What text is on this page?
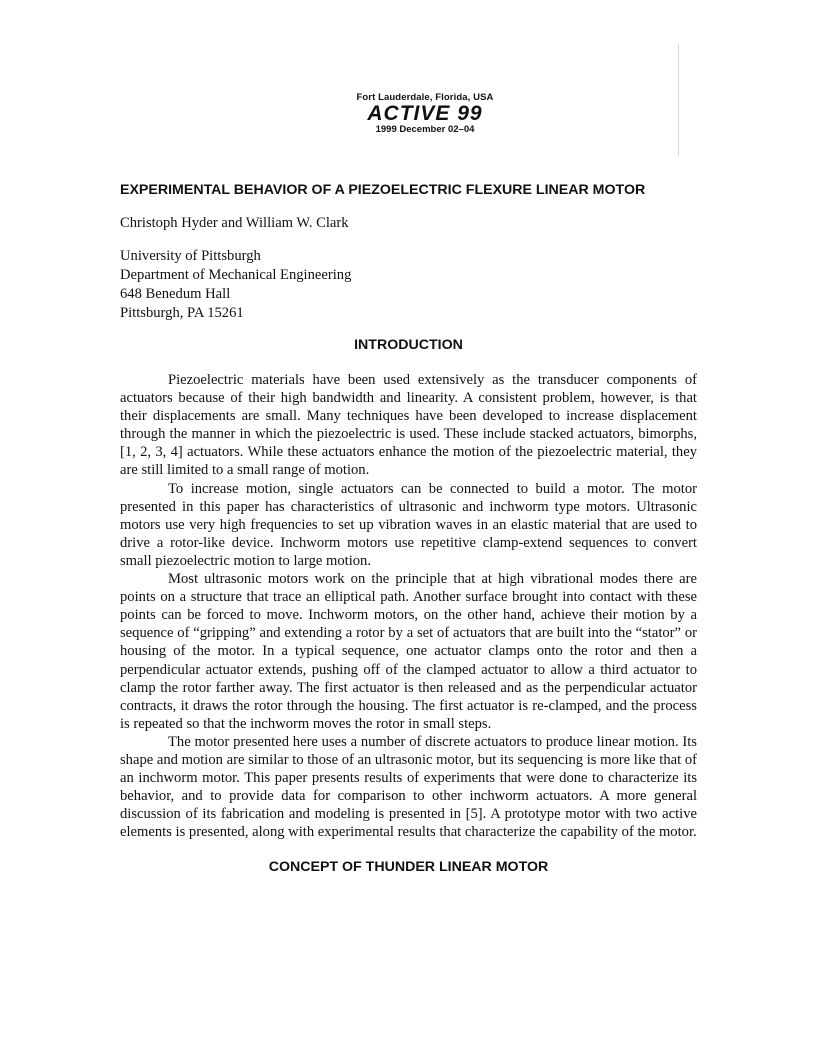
Fort Lauderdale, Florida, USA
ACTIVE 99
1999 December 02–04
EXPERIMENTAL BEHAVIOR OF A PIEZOELECTRIC FLEXURE LINEAR MOTOR
Christoph Hyder and William W. Clark
University of Pittsburgh
Department of Mechanical Engineering
648 Benedum Hall
Pittsburgh, PA 15261
INTRODUCTION

Piezoelectric materials have been used extensively as the transducer components of actuators because of their high bandwidth and linearity. A consistent problem, however, is that their displacements are small. Many techniques have been developed to increase displacement through the manner in which the piezoelectric is used. These include stacked actuators, bimorphs, [1, 2, 3, 4] actuators. While these actuators enhance the motion of the piezoelectric material, they are still limited to a small range of motion.

To increase motion, single actuators can be connected to build a motor. The motor presented in this paper has characteristics of ultrasonic and inchworm type motors. Ultrasonic motors use very high frequencies to set up vibration waves in an elastic material that are used to drive a rotor-like device. Inchworm motors use repetitive clamp-extend sequences to convert small piezoelectric motion to large motion.

Most ultrasonic motors work on the principle that at high vibrational modes there are points on a structure that trace an elliptical path. Another surface brought into contact with these points can be forced to move. Inchworm motors, on the other hand, achieve their motion by a sequence of “gripping” and extending a rotor by a set of actuators that are built into the “stator” or housing of the motor. In a typical sequence, one actuator clamps onto the rotor and then a perpendicular actuator extends, pushing off of the clamped actuator to allow a third actuator to clamp the rotor farther away. The first actuator is then released and as the perpendicular actuator contracts, it draws the rotor through the housing. The first actuator is re-clamped, and the process is repeated so that the inchworm moves the rotor in small steps.

The motor presented here uses a number of discrete actuators to produce linear motion. Its shape and motion are similar to those of an ultrasonic motor, but its sequencing is more like that of an inchworm motor. This paper presents results of experiments that were done to characterize its behavior, and to provide data for comparison to other inchworm actuators. A more general discussion of its fabrication and modeling is presented in [5]. A prototype motor with two active elements is presented, along with experimental results that characterize the capability of the motor.

CONCEPT OF THUNDER LINEAR MOTOR
